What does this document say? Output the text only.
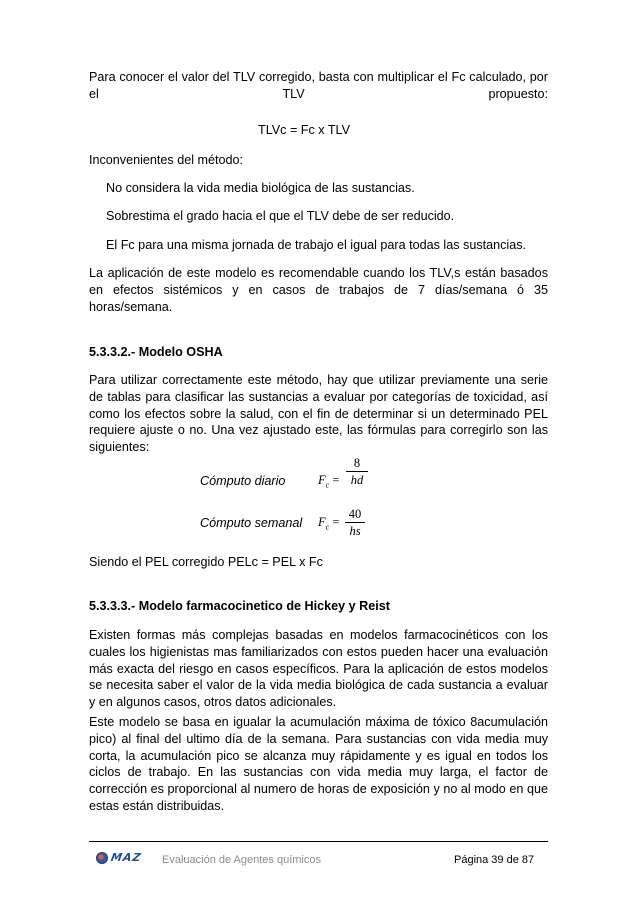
Para conocer el valor del TLV corregido, basta con multiplicar el Fc calculado, por el TLV propuesto:
TLVc = Fc x TLV
Inconvenientes del método:
No considera la vida media biológica de las sustancias.
Sobrestima el grado hacia el que el TLV debe de ser reducido.
El Fc para una misma jornada de trabajo el igual para todas las sustancias.
La aplicación de este modelo es recomendable cuando los TLV,s están basados en efectos sistémicos y en casos de trabajos de 7 días/semana ó 35 horas/semana.
5.3.3.2.- Modelo OSHA
Para utilizar correctamente este método, hay que utilizar previamente una serie de tablas para clasificar las sustancias a evaluar por categorías de toxicidad, así como los efectos sobre la salud, con el fin de determinar si un determinado PEL requiere ajuste o no. Una vez ajustado este, las fórmulas para corregirlo son las siguientes:
Cómputo diario	$F_c$ =
8
hd
Cómputo semanal $F_c$ =
40
hs
Siendo el PEL corregido PELc = PEL x Fc
5.3.3.3.- Modelo farmacocinetico de Hickey y Reist
Existen formas más complejas basadas en modelos farmacocinéticos con los cuales los higienistas mas familiarizados con estos pueden hacer una evaluación más exacta del riesgo en casos específicos. Para la aplicación de estos modelos se necesita saber el valor de la vida media biológica de cada sustancia a evaluar y en algunos casos, otros datos adicionales.
Este modelo se basa en igualar la acumulación máxima de tóxico 8acumulación pico) al final del ultimo día de la semana. Para sustancias con vida media muy corta, la acumulación pico se alcanza muy rápidamente y es igual en todos los ciclos de trabajo. En las sustancias con vida media muy larga, el factor de corrección es proporcional al numero de horas de exposición y no al modo en que estas están distribuidas.
MAZ Evaluación de Agentes químicos	Página 39 de 87
